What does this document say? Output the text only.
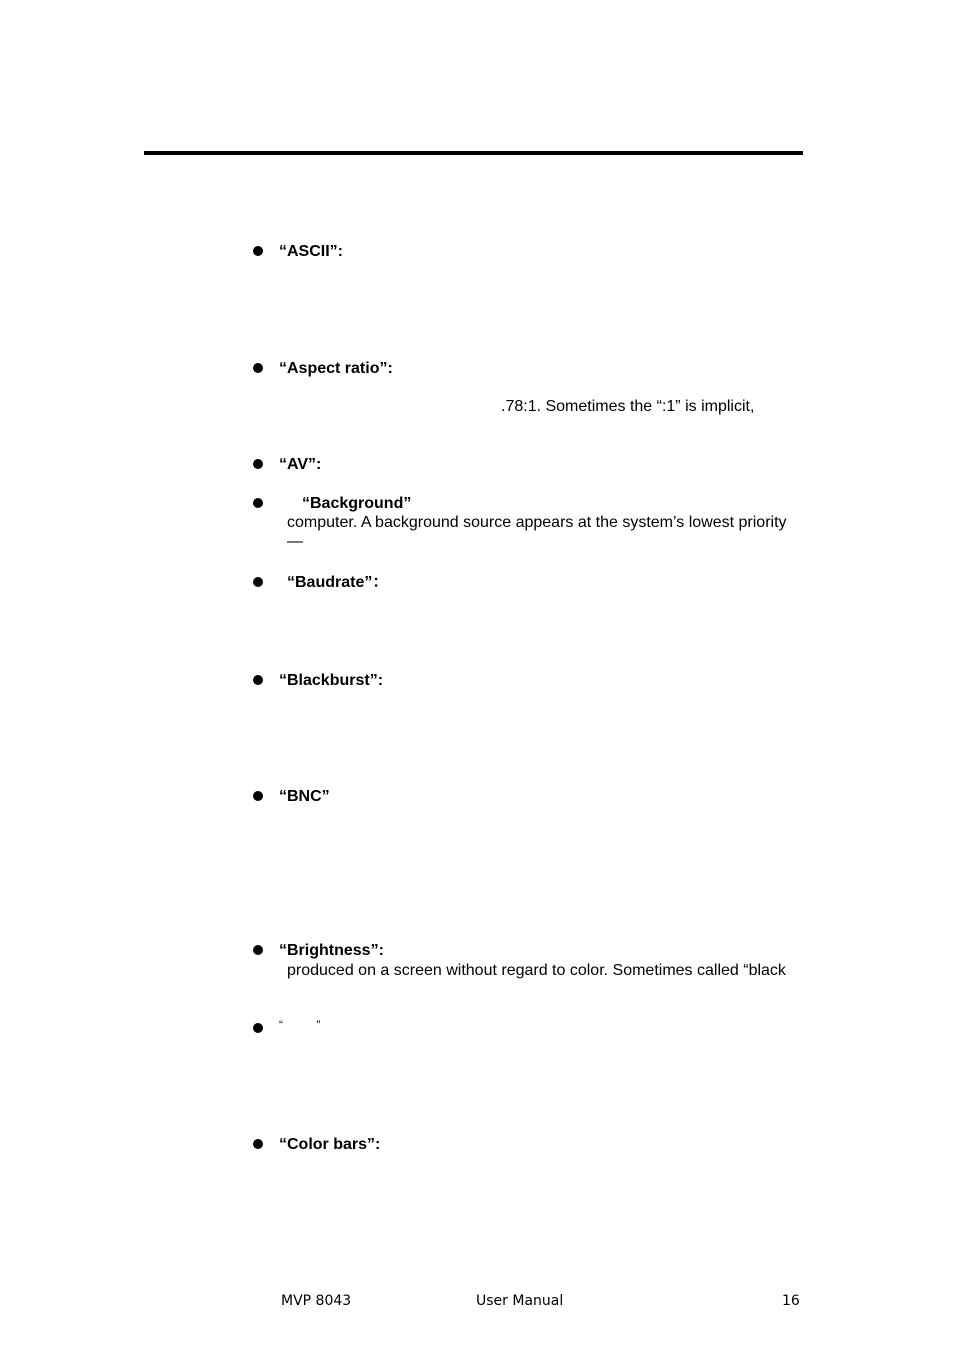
“ASCII”:
“Aspect ratio”:
.78:1. Sometimes the “:1” is implicit,
“AV”:
“Background”
computer. A background source appears at the system’s lowest priority
—
“Baudrate”：
“Blackburst”:
“BNC”
“Brightness”:
produced on a screen without regard to color. Sometimes called “black
“          ”
“Color bars”:
MVP 8043	User Manual	16
